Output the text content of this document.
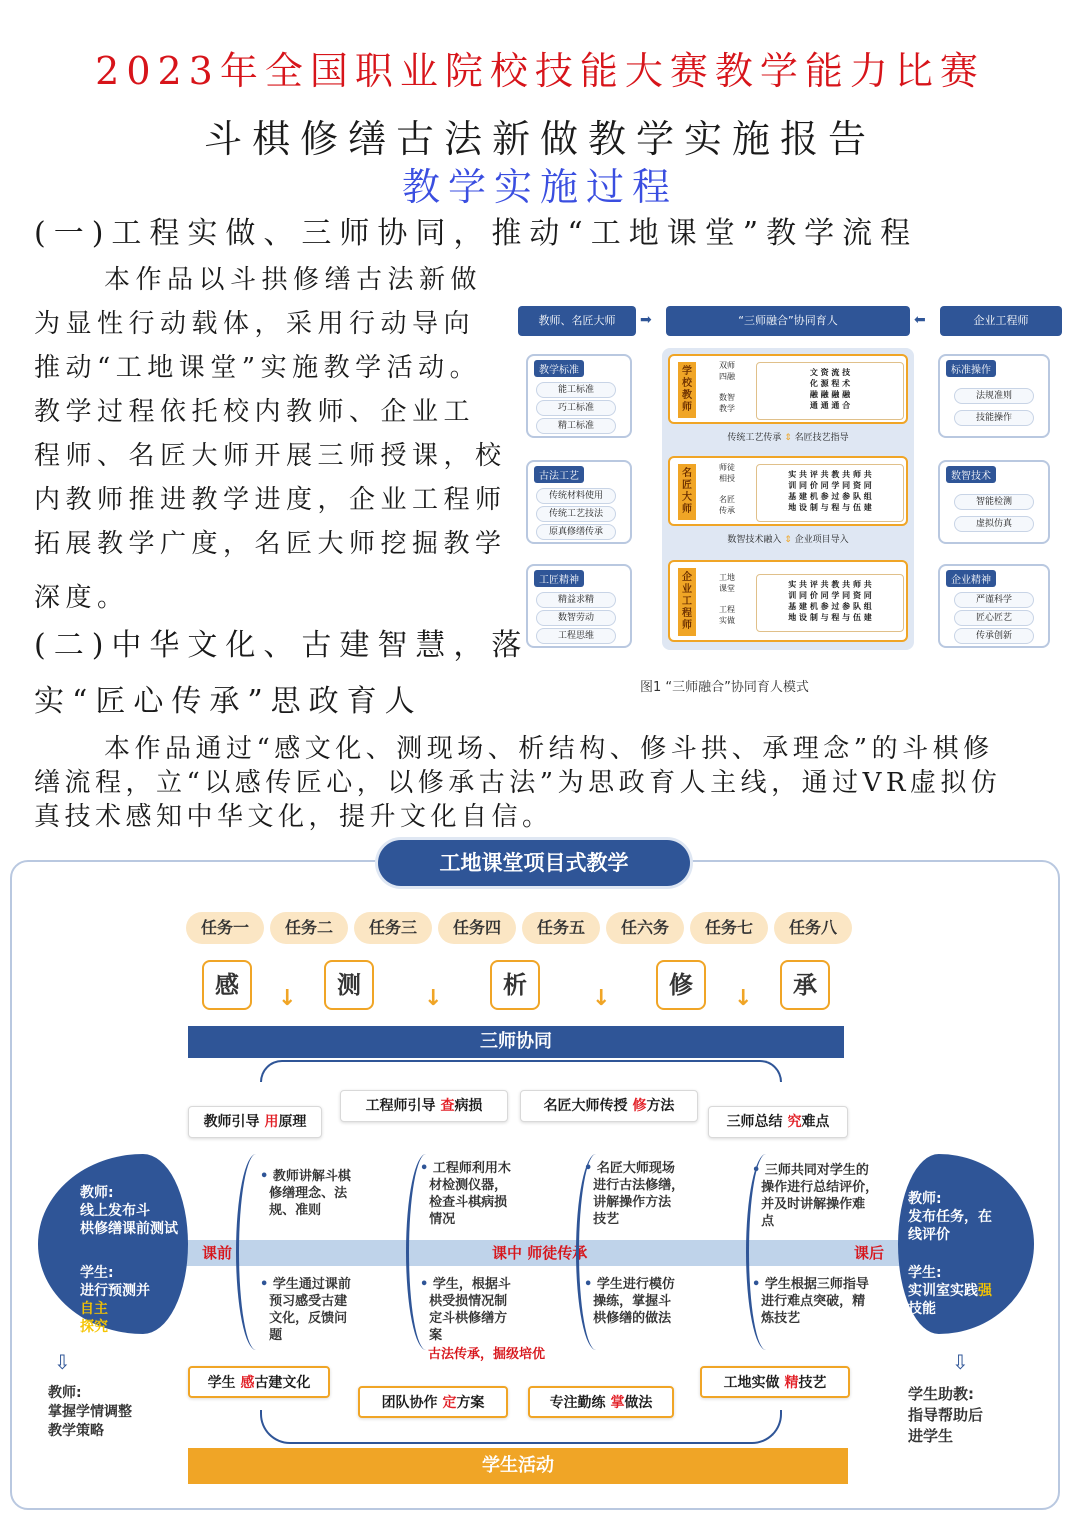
2023年全国职业院校技能大赛教学能力比赛
斗棋修缮古法新做教学实施报告
教学实施过程
(一)工程实做、三师协同，推动“工地课堂”教学流程
本作品以斗拱修缮古法新做
为显性行动载体，采用行动导向
推动“工地课堂”实施教学活动。
教学过程依托校内教师、企业工
程师、名匠大师开展三师授课，校
内教师推进教学进度，企业工程师
拓展教学广度，名匠大师挖掘教学
深度。
教师、名匠大师	➡	“三师融合”协同育人	⬅	企业工程师
教学标准
能工标准
巧工标准
精工标准
古法工艺
传统材料使用
传统工艺技法
原真修缮传承
工匠精神
精益求精
数智劳动
工程思维
学校教师
双师
四融
数智
教学
文 资 流 技
化 源 程 术
融 融 融 融
通 通 通 合
传统工艺传承 ⇕ 名匠技艺指导
名匠大师
师徒
相授
名匠
传承
实 共 评 共 教 共 师 共
训 同 价 同 学 同 资 同
基 建 机 参 过 参 队 组
地 设 制 与 程 与 伍 建
数智技术融入 ⇕ 企业项目导入
企业工程师
工地
课堂
工程
实做
实 共 评 共 教 共 师 共
训 同 价 同 学 同 资 同
基 建 机 参 过 参 队 组
地 设 制 与 程 与 伍 建
标准操作
法规准则
技能操作
数智技术
智能检测
虚拟仿真
企业精神
严谨科学
匠心匠艺
传承创新
图1 “三师融合”协同育人模式
(二)中华文化、古建智慧，落
实“匠心传承”思政育人
本作品通过“感文化、测现场、析结构、修斗拱、承理念”的斗棋修
缮流程，立“以感传匠心，以修承古法”为思政育人主线，通过VR虚拟仿
真技术感知中华文化，提升文化自信。
工地课堂项目式教学
任务一	任务二	任务三	任务四	任务五	任六务	任务七	任务八
感	↓	测	↓	析	↓	修	↓	承
三师协同
教师引导 用原理
工程师引导 查病损	名匠大师传授 修方法
三师总结 究难点
课前	课中 师徒传承	课后
教师:
线上发布斗
栱修缮课前测试
学生:
进行预测并
自主
探究
教师:
发布任务，在
线评价
学生:
实训室实践强
技能
• 教师讲解斗棋
修缮理念、法
规、准则
• 工程师利用木
材检测仪器，
检查斗棋病损
情况
• 名匠大师现场
进行古法修缮，
讲解操作方法
技艺
• 三师共同对学生的
操作进行总结评价，
并及时讲解操作难
点
• 学生通过课前
预习感受古建
文化，反馈问
题
• 学生，根据斗
栱受损情况制
定斗栱修缮方
案
古法传承，掘级培优
• 学生进行模仿
操练，掌握斗
栱修缮的做法
• 学生根据三师指导
进行难点突破，精
炼技艺
学生 感古建文化
团队协作 定方案	专注勤练 掌做法
工地实做 精技艺
⇩
教师:
掌握学情调整
教学策略
⇩
学生助教:
指导帮助后
进学生
学生活动
